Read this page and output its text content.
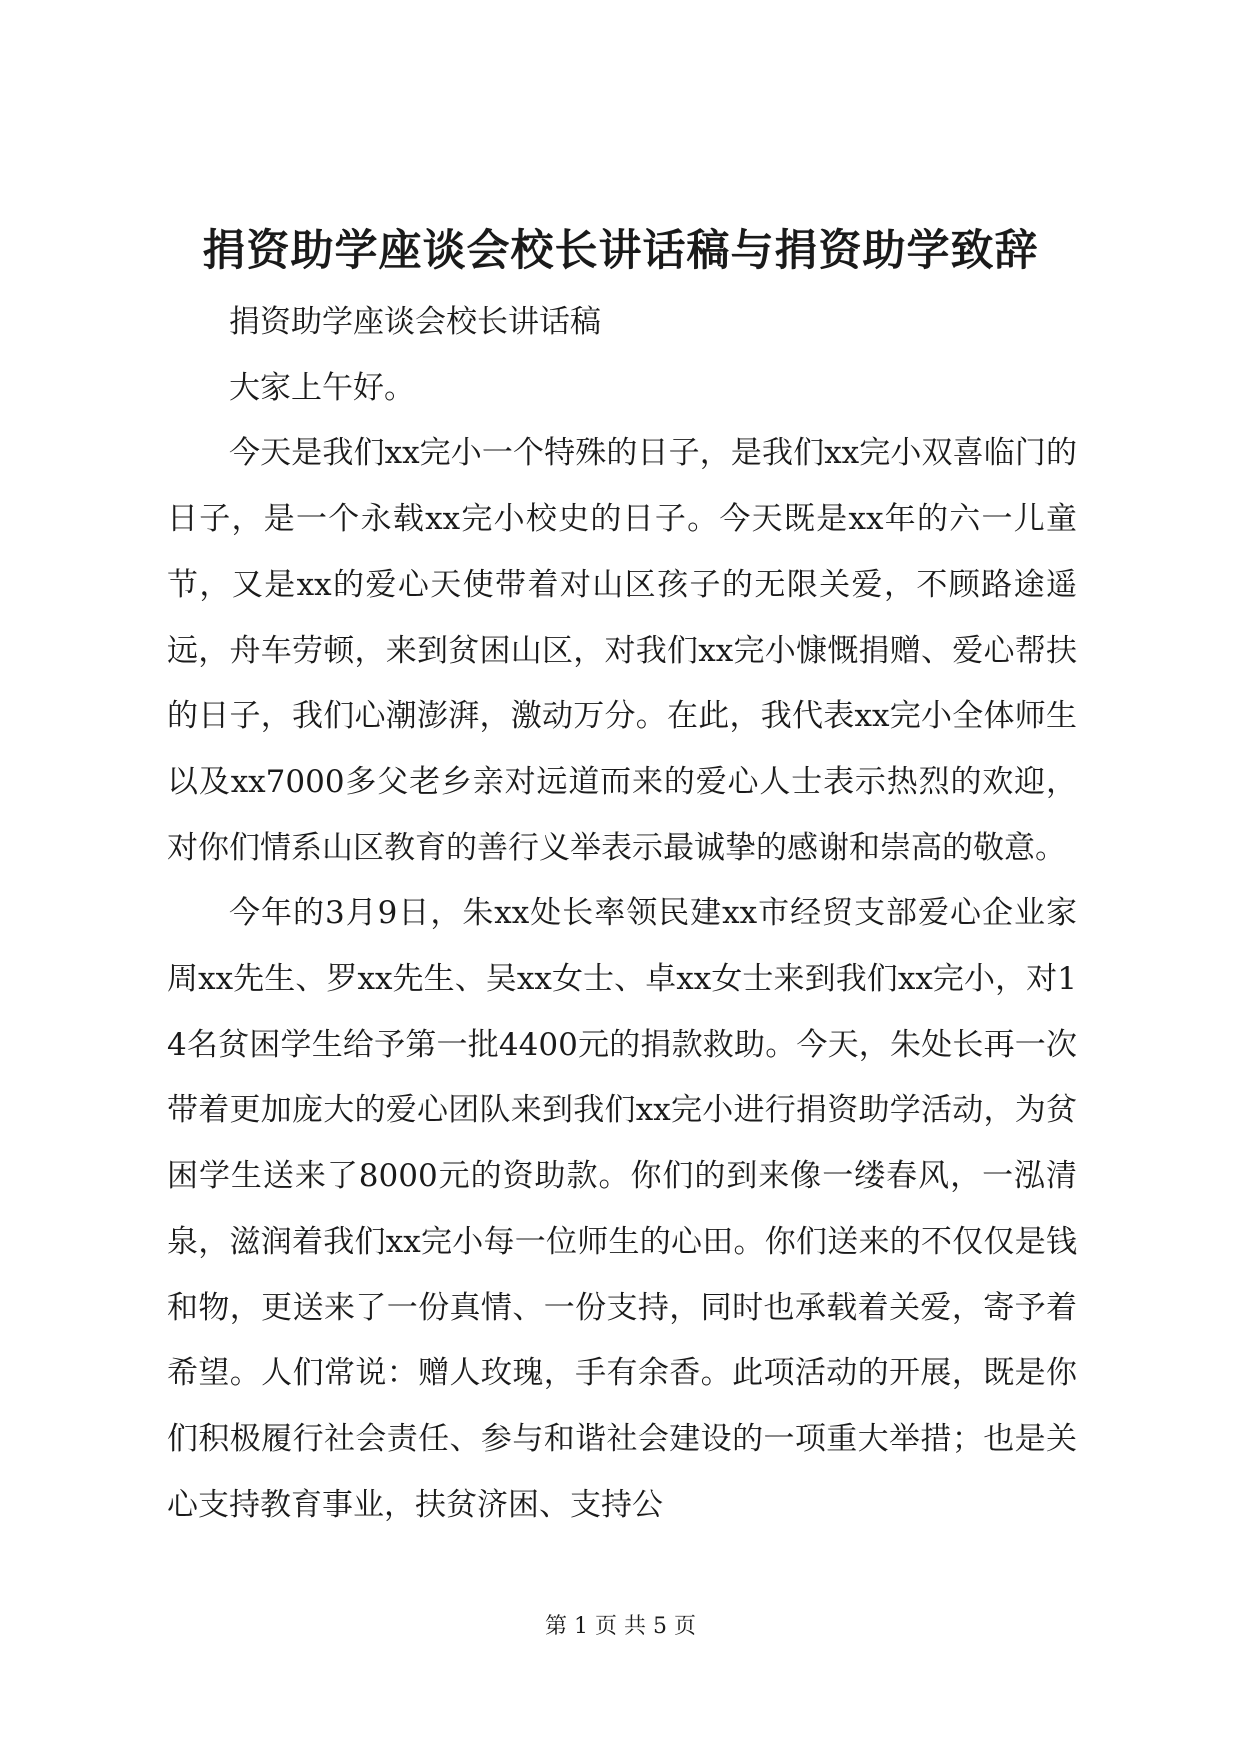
捐资助学座谈会校长讲话稿与捐资助学致辞

捐资助学座谈会校长讲话稿

大家上午好。

今天是我们xx完小一个特殊的日子，是我们xx完小双喜临门的日子，是一个永载xx完小校史的日子。今天既是xx年的六一儿童节，又是xx的爱心天使带着对山区孩子的无限关爱，不顾路途遥远，舟车劳顿，来到贫困山区，对我们xx完小慷慨捐赠、爱心帮扶的日子，我们心潮澎湃，激动万分。在此，我代表xx完小全体师生以及xx7000多父老乡亲对远道而来的爱心人士表示热烈的欢迎，对你们情系山区教育的善行义举表示最诚挚的感谢和崇高的敬意。

今年的3月9日，朱xx处长率领民建xx市经贸支部爱心企业家周xx先生、罗xx先生、吴xx女士、卓xx女士来到我们xx完小，对14名贫困学生给予第一批4400元的捐款救助。今天，朱处长再一次带着更加庞大的爱心团队来到我们xx完小进行捐资助学活动，为贫困学生送来了8000元的资助款。你们的到来像一缕春风，一泓清泉，滋润着我们xx完小每一位师生的心田。你们送来的不仅仅是钱和物，更送来了一份真情、一份支持，同时也承载着关爱，寄予着希望。人们常说：赠人玫瑰，手有余香。此项活动的开展，既是你们积极履行社会责任、参与和谐社会建设的一项重大举措；也是关心支持教育事业，扶贫济困、支持公

第 1 页 共 5 页
